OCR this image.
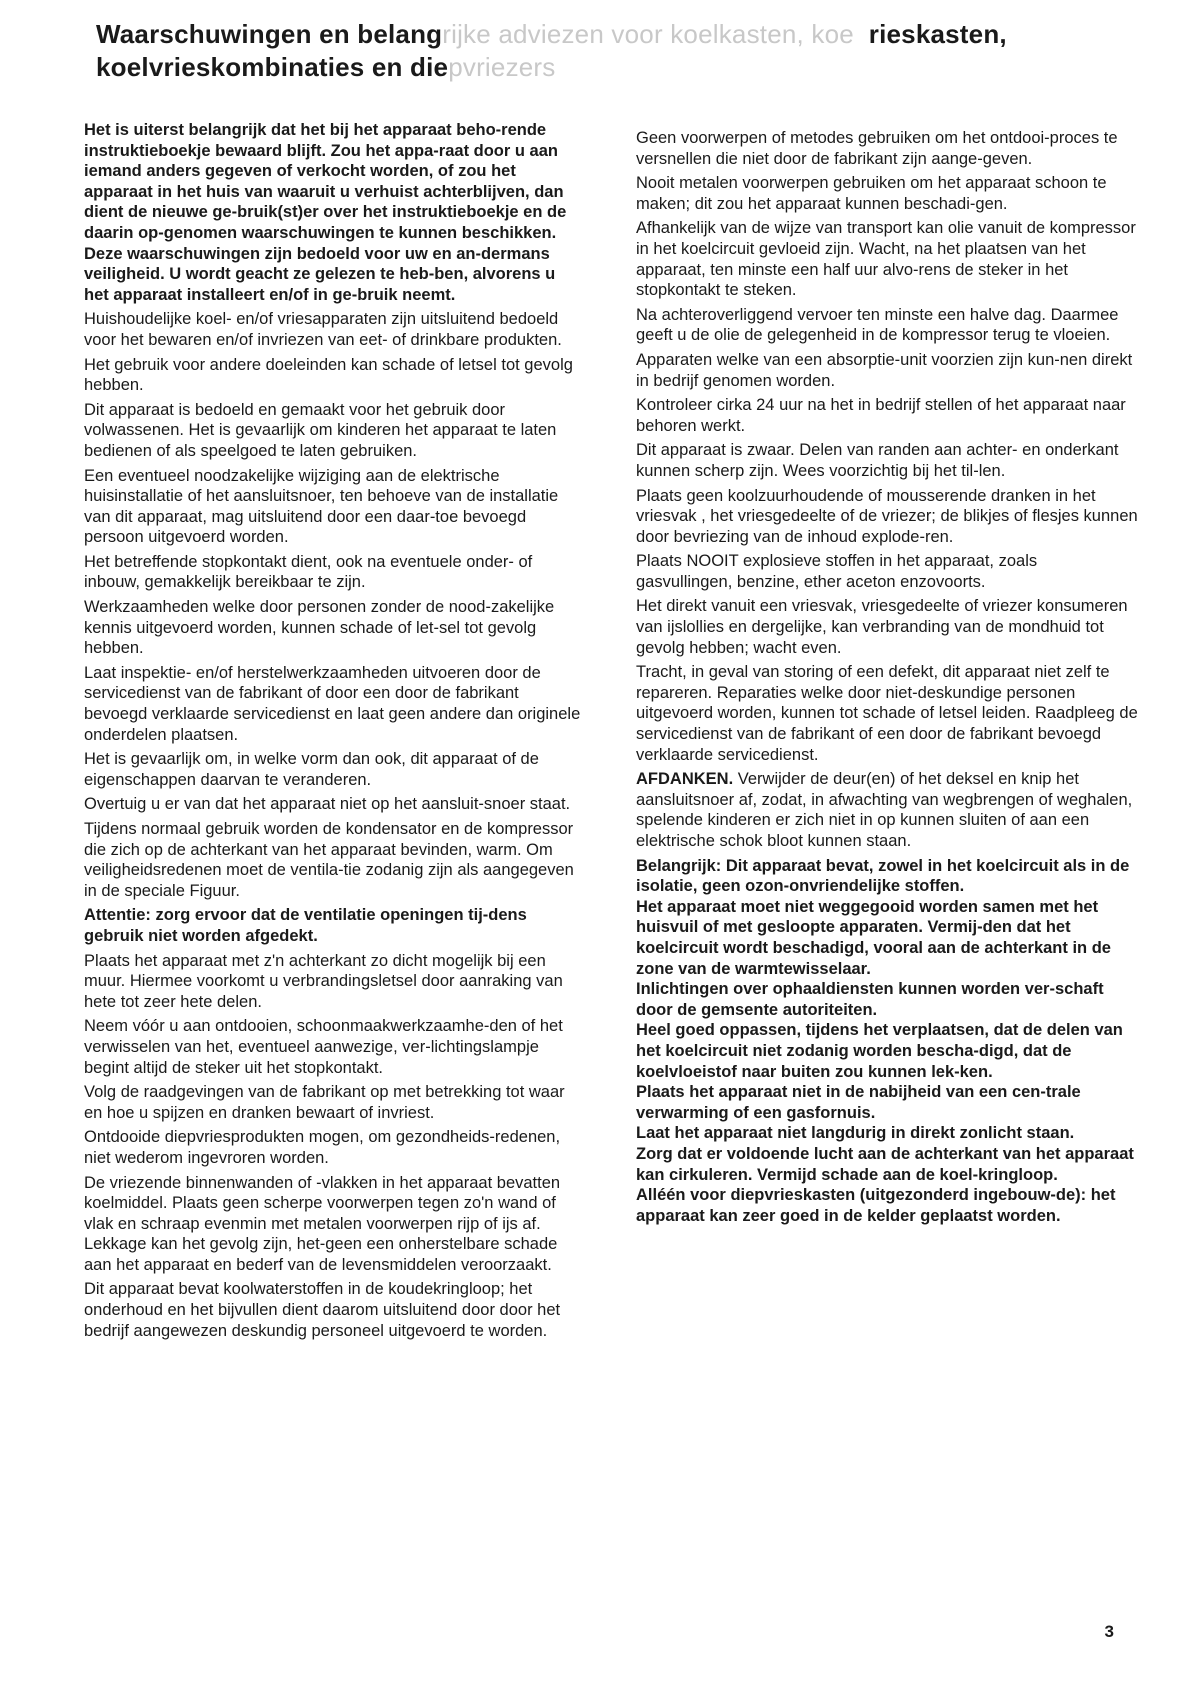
Waarschuwingen en belangrijke adviezen voor koelkasten, koe rieskasten,
koelvrieskombinaties en diepvriezers

Het is uiterst belangrijk dat het bij het apparaat beho-rende instruktieboekje bewaard blijft. Zou het appa-raat door u aan iemand anders gegeven of verkocht worden, of zou het apparaat in het huis van waaruit u verhuist achterblijven, dan dient de nieuwe ge-bruik(st)er over het instruktieboekje en de daarin op-genomen waarschuwingen te kunnen beschikken.

Deze waarschuwingen zijn bedoeld voor uw en an-dermans veiligheid. U wordt geacht ze gelezen te heb-ben, alvorens u het apparaat installeert en/of in ge-bruik neemt.

Huishoudelijke koel- en/of vriesapparaten zijn uitsluitend bedoeld voor het bewaren en/of invriezen van eet- of drinkbare produkten.

Het gebruik voor andere doeleinden kan schade of letsel tot gevolg hebben.

Dit apparaat is bedoeld en gemaakt voor het gebruik door volwassenen. Het is gevaarlijk om kinderen het apparaat te laten bedienen of als speelgoed te laten gebruiken.

Een eventueel noodzakelijke wijziging aan de elektrische huisinstallatie of het aansluitsnoer, ten behoeve van de installatie van dit apparaat, mag uitsluitend door een daar-toe bevoegd persoon uitgevoerd worden.

Het betreffende stopkontakt dient, ook na eventuele onder- of inbouw, gemakkelijk bereikbaar te zijn.

Werkzaamheden welke door personen zonder de nood-zakelijke kennis uitgevoerd worden, kunnen schade of let-sel tot gevolg hebben.

Laat inspektie- en/of herstelwerkzaamheden uitvoeren door de servicedienst van de fabrikant of door een door de fabrikant bevoegd verklaarde servicedienst en laat geen andere dan originele onderdelen plaatsen.

Het is gevaarlijk om, in welke vorm dan ook, dit apparaat of de eigenschappen daarvan te veranderen.

Overtuig u er van dat het apparaat niet op het aansluit-snoer staat.

Tijdens normaal gebruik worden de kondensator en de kompressor die zich op de achterkant van het apparaat bevinden, warm. Om veiligheidsredenen moet de ventila-tie zodanig zijn als aangegeven in de speciale Figuur.

Attentie: zorg ervoor dat de ventilatie openingen tij-dens gebruik niet worden afgedekt.

Plaats het apparaat met z'n achterkant zo dicht mogelijk bij een muur. Hiermee voorkomt u verbrandingsletsel door aanraking van hete tot zeer hete delen.

Neem vóór u aan ontdooien, schoonmaakwerkzaamhe-den of het verwisselen van het, eventueel aanwezige, ver-lichtingslampje begint altijd de steker uit het stopkontakt.

Volg de raadgevingen van de fabrikant op met betrekking tot waar en hoe u spijzen en dranken bewaart of invriest.

Ontdooide diepvriesprodukten mogen, om gezondheids-redenen, niet wederom ingevroren worden.

De vriezende binnenwanden of -vlakken in het apparaat bevatten koelmiddel. Plaats geen scherpe voorwerpen tegen zo'n wand of vlak en schraap evenmin met metalen voorwerpen rijp of ijs af. Lekkage kan het gevolg zijn, het-geen een onherstelbare schade aan het apparaat en bederf van de levensmiddelen veroorzaakt.

Dit apparaat bevat koolwaterstoffen in de koudekringloop; het onderhoud en het bijvullen dient daarom uitsluitend door door het bedrijf aangewezen deskundig personeel uitgevoerd te worden.

Geen voorwerpen of metodes gebruiken om het ontdooi-proces te versnellen die niet door de fabrikant zijn aange-geven.

Nooit metalen voorwerpen gebruiken om het apparaat schoon te maken; dit zou het apparaat kunnen beschadi-gen.

Afhankelijk van de wijze van transport kan olie vanuit de kompressor in het koelcircuit gevloeid zijn. Wacht, na het plaatsen van het apparaat, ten minste een half uur alvo-rens de steker in het stopkontakt te steken.

Na achteroverliggend vervoer ten minste een halve dag. Daarmee geeft u de olie de gelegenheid in de kompressor terug te vloeien.

Apparaten welke van een absorptie-unit voorzien zijn kun-nen direkt in bedrijf genomen worden.

Kontroleer cirka 24 uur na het in bedrijf stellen of het apparaat naar behoren werkt.

Dit apparaat is zwaar. Delen van randen aan achter- en onderkant kunnen scherp zijn. Wees voorzichtig bij het til-len.

Plaats geen koolzuurhoudende of mousserende dranken in het vriesvak , het vriesgedeelte of de vriezer; de blikjes of flesjes kunnen door bevriezing van de inhoud explode-ren.

Plaats NOOIT explosieve stoffen in het apparaat, zoals gasvullingen, benzine, ether aceton enzovoorts.

Het direkt vanuit een vriesvak, vriesgedeelte of vriezer konsumeren van ijslollies en dergelijke, kan verbranding van de mondhuid tot gevolg hebben; wacht even.

Tracht, in geval van storing of een defekt, dit apparaat niet zelf te repareren. Reparaties welke door niet-deskundige personen uitgevoerd worden, kunnen tot schade of letsel leiden. Raadpleeg de servicedienst van de fabrikant of een door de fabrikant bevoegd verklaarde servicedienst.

AFDANKEN. Verwijder de deur(en) of het deksel en knip het aansluitsnoer af, zodat, in afwachting van wegbrengen of weghalen, spelende kinderen er zich niet in op kunnen sluiten of aan een elektrische schok bloot kunnen staan.

Belangrijk: Dit apparaat bevat, zowel in het koelcircuit als in de isolatie, geen ozon-onvriendelijke stoffen.

Het apparaat moet niet weggegooid worden samen met het huisvuil of met gesloopte apparaten. Vermij-den dat het koelcircuit wordt beschadigd, vooral aan de achterkant in de zone van de warmtewisselaar.

Inlichtingen over ophaaldiensten kunnen worden ver-schaft door de gemsente autoriteiten.

Heel goed oppassen, tijdens het verplaatsen, dat de delen van het koelcircuit niet zodanig worden bescha-digd, dat de koelvloeistof naar buiten zou kunnen lek-ken.

Plaats het apparaat niet in de nabijheid van een cen-trale verwarming of een gasfornuis.

Laat het apparaat niet langdurig in direkt zonlicht staan.

Zorg dat er voldoende lucht aan de achterkant van het apparaat kan cirkuleren. Vermijd schade aan de koel-kringloop.

Alléén voor diepvrieskasten (uitgezonderd ingebouw-de): het apparaat kan zeer goed in de kelder geplaatst worden.

3
